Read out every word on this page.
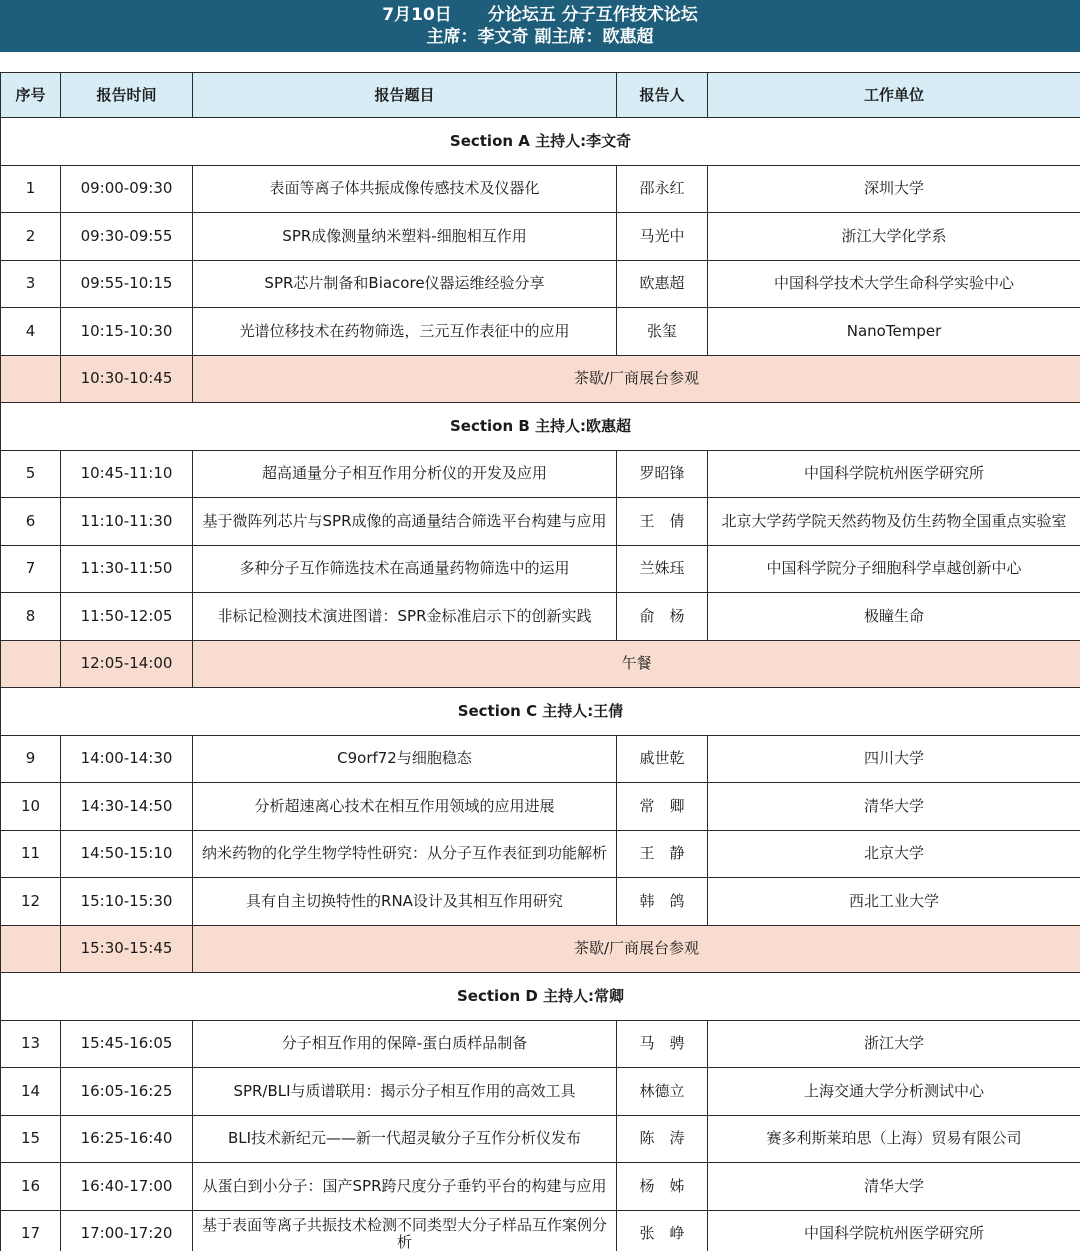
7月10日 分论坛五 分子互作技术论坛
主席：李文奇 副主席：欧惠超
序号	报告时间	报告题目	报告人	工作单位
Section A 主持人:李文奇				
1	09:00-09:30	表面等离子体共振成像传感技术及仪器化	邵永红	深圳大学
2	09:30-09:55	SPR成像测量纳米塑料-细胞相互作用	马光中	浙江大学化学系
3	09:55-10:15	SPR芯片制备和Biacore仪器运维经验分享	欧惠超	中国科学技术大学生命科学实验中心
4	10:15-10:30	光谱位移技术在药物筛选，三元互作表征中的应用	张玺	NanoTemper
	10:30-10:45	茶歇/厂商展台参观		
Section B 主持人:欧惠超				
5	10:45-11:10	超高通量分子相互作用分析仪的开发及应用	罗昭锋	中国科学院杭州医学研究所
6	11:10-11:30	基于微阵列芯片与SPR成像的高通量结合筛选平台构建与应用	王　倩	北京大学药学院天然药物及仿生药物全国重点实验室
7	11:30-11:50	多种分子互作筛选技术在高通量药物筛选中的运用	兰姝珏	中国科学院分子细胞科学卓越创新中心
8	11:50-12:05	非标记检测技术演进图谱：SPR金标准启示下的创新实践	俞　杨	极瞳生命
	12:05-14:00	午餐		
Section C 主持人:王倩				
9	14:00-14:30	C9orf72与细胞稳态	戚世乾	四川大学
10	14:30-14:50	分析超速离心技术在相互作用领域的应用进展	常　卿	清华大学
11	14:50-15:10	纳米药物的化学生物学特性研究：从分子互作表征到功能解析	王　静	北京大学
12	15:10-15:30	具有自主切换特性的RNA设计及其相互作用研究	韩　鸽	西北工业大学
	15:30-15:45	茶歇/厂商展台参观		
Section D 主持人:常卿				
13	15:45-16:05	分子相互作用的保障-蛋白质样品制备	马　骋	浙江大学
14	16:05-16:25	SPR/BLI与质谱联用：揭示分子相互作用的高效工具	林德立	上海交通大学分析测试中心
15	16:25-16:40	BLI技术新纪元——新一代超灵敏分子互作分析仪发布	陈　涛	赛多利斯莱珀思（上海）贸易有限公司
16	16:40-17:00	从蛋白到小分子：国产SPR跨尺度分子垂钓平台的构建与应用	杨　姊	清华大学
17	17:00-17:20	基于表面等离子共振技术检测不同类型大分子样品互作案例分析	张　峥	中国科学院杭州医学研究所
